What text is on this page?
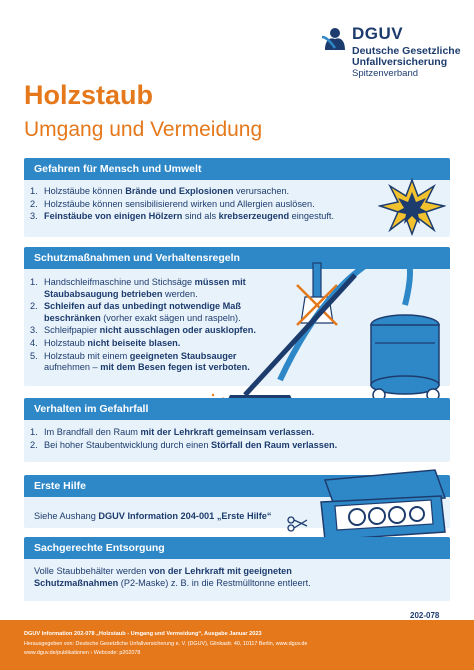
DGUV
Deutsche Gesetzliche
Unfallversicherung
Spitzenverband
Holzstaub
Umgang und Vermeidung
Gefahren für Mensch und Umwelt
1. Holzstäube können Brände und Explosionen verursachen.
2. Holzstäube können sensibilisierend wirken und Allergien auslösen.
3. Feinstäube von einigen Hölzern sind als krebserzeugend eingestuft.
Schutzmaßnahmen und Verhaltensregeln
1. Handschleifmaschine und Stichsäge müssen mit
Staubabsaugung betrieben werden.
2. Schleifen auf das unbedingt notwendige Maß
beschränken (vorher exakt sägen und raspeln).
3. Schleifpapier nicht ausschlagen oder ausklopfen.
4. Holzstaub nicht beiseite blasen.
5. Holzstaub mit einem geeigneten Staubsauger
aufnehmen – mit dem Besen fegen ist verboten.
Verhalten im Gefahrfall
1. Im Brandfall den Raum mit der Lehrkraft gemeinsam verlassen.
2. Bei hoher Staubentwicklung durch einen Störfall den Raum verlassen.
Erste Hilfe
Siehe Aushang DGUV Information 204-001 „Erste Hilfe“
Sachgerechte Entsorgung
Volle Staubbehälter werden von der Lehrkraft mit geeigneten
Schutzmaßnahmen (P2-Maske) z. B. in die Restmülltonne entleert.
202-078
DGUV Information 202-078 „Holzstaub - Umgang und Vermeidung“, Ausgabe Januar 2023
Herausgegeben von: Deutsche Gesetzliche Unfallversicherung e. V. (DGUV), Glinkastr. 40, 10117 Berlin, www.dguv.de
www.dguv.de/publikationen › Webcode: p202078
